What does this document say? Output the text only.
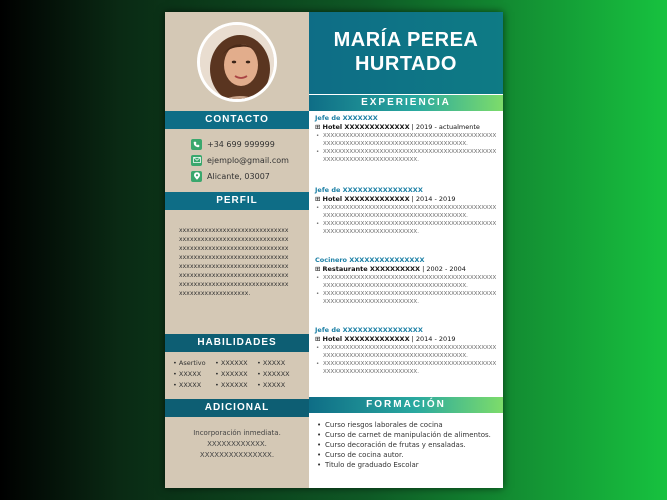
MARÍA PEREA
HURTADO
CONTACTO
+34 699 999999
ejemplo@gmail.com
Alicante, 03007
PERFIL
xxxxxxxxxxxxxxxxxxxxxxxxxxxxxx
xxxxxxxxxxxxxxxxxxxxxxxxxxxxxx
xxxxxxxxxxxxxxxxxxxxxxxxxxxxxx
xxxxxxxxxxxxxxxxxxxxxxxxxxxxxx
xxxxxxxxxxxxxxxxxxxxxxxxxxxxxx
xxxxxxxxxxxxxxxxxxxxxxxxxxxxxx
xxxxxxxxxxxxxxxxxxxxxxxxxxxxxx
xxxxxxxxxxxxxxxxxxx.
HABILIDADES
• Asertivo	• XXXXXX	• XXXXX
• XXXXX	• XXXXXX	• XXXXXX
• XXXXX	• XXXXXX	• XXXXX
ADICIONAL
Incorporación inmediata.
XXXXXXXXXXXX.
XXXXXXXXXXXXXXX.
EXPERIENCIA
Jefe de XXXXXXX
⊞ Hotel XXXXXXXXXXXXX | 2019 - actualmente
• XXXXXXXXXXXXXXXXXXXXXXXXXXXXXXXXXXXXXXXXXXXXXXXXXXXXXXXXXXXXXXXXXXXXXXXXXXXXXXXXXXXX.
• XXXXXXXXXXXXXXXXXXXXXXXXXXXXXXXXXXXXXXXXXXXXXXXXXXXXXXXXXXXXXXXXXXXXXXX.
Jefe de XXXXXXXXXXXXXXXX
⊞ Hotel XXXXXXXXXXXXX | 2014 - 2019
• XXXXXXXXXXXXXXXXXXXXXXXXXXXXXXXXXXXXXXXXXXXXXXXXXXXXXXXXXXXXXXXXXXXXXXXXXXXXXXXXXXXX.
• XXXXXXXXXXXXXXXXXXXXXXXXXXXXXXXXXXXXXXXXXXXXXXXXXXXXXXXXXXXXXXXXXXXXXXX.
Cocinero XXXXXXXXXXXXXXX
⊞ Restaurante XXXXXXXXXX | 2002 - 2004
• XXXXXXXXXXXXXXXXXXXXXXXXXXXXXXXXXXXXXXXXXXXXXXXXXXXXXXXXXXXXXXXXXXXXXXXXXXXXXXXXXXXX.
• XXXXXXXXXXXXXXXXXXXXXXXXXXXXXXXXXXXXXXXXXXXXXXXXXXXXXXXXXXXXXXXXXXXXXXX.
Jefe de XXXXXXXXXXXXXXXX
⊞ Hotel XXXXXXXXXXXXX | 2014 - 2019
• XXXXXXXXXXXXXXXXXXXXXXXXXXXXXXXXXXXXXXXXXXXXXXXXXXXXXXXXXXXXXXXXXXXXXXXXXXXXXXXXXXXX.
• XXXXXXXXXXXXXXXXXXXXXXXXXXXXXXXXXXXXXXXXXXXXXXXXXXXXXXXXXXXXXXXXXXXXXXX.
FORMACIÓN
• Curso riesgos laborales de cocina
• Curso de carnet de manipulación de alimentos.
• Curso decoración de frutas y ensaladas.
• Curso de cocina autor.
• Titulo de graduado Escolar
